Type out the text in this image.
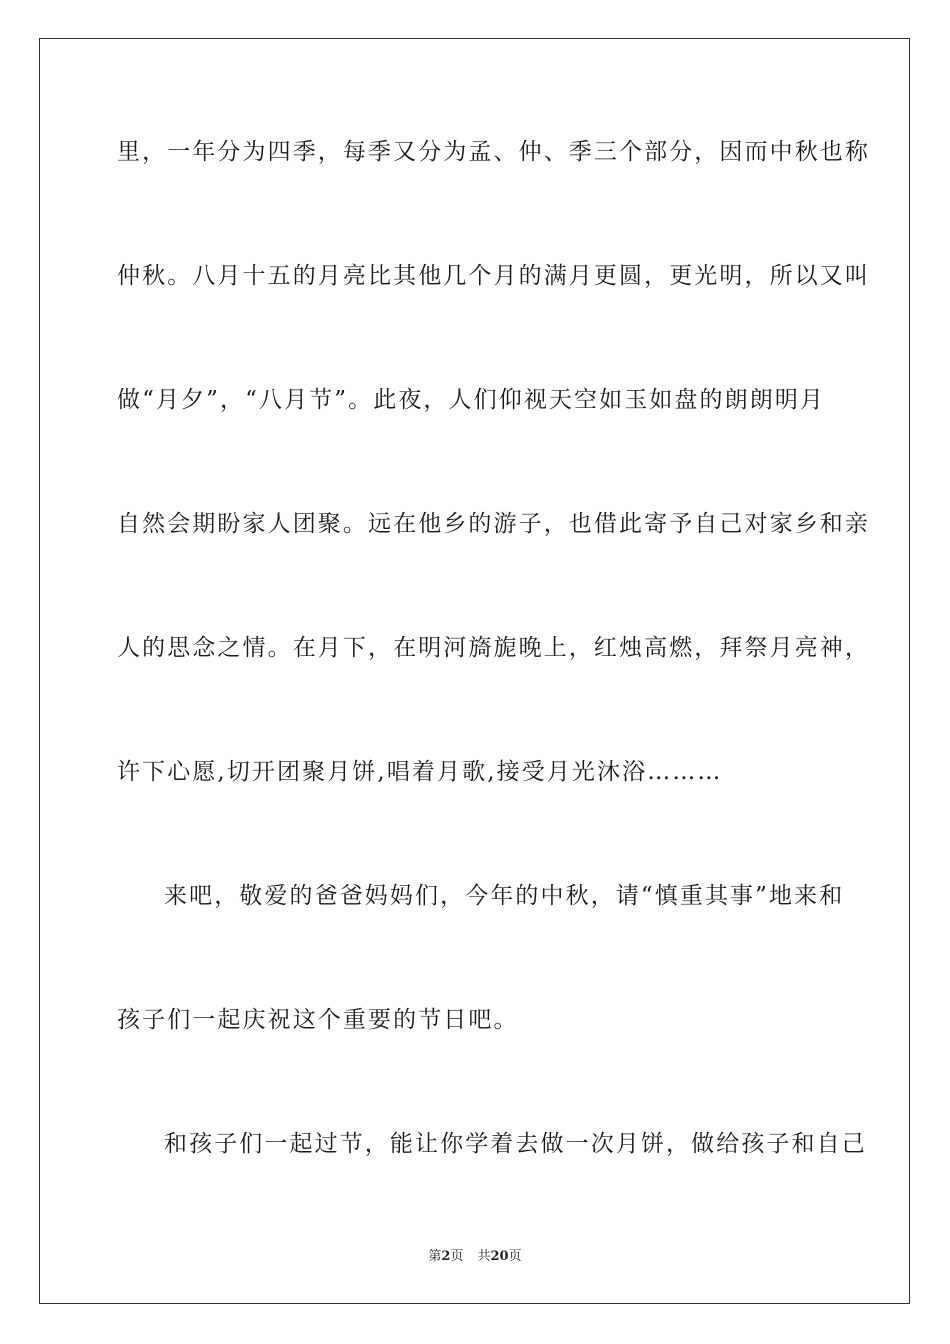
里，一年分为四季，每季又分为孟、仲、季三个部分，因而中秋也称
仲秋。八月十五的月亮比其他几个月的满月更圆，更光明，所以又叫
做“月夕”，“八月节”。此夜，人们仰视天空如玉如盘的朗朗明月
自然会期盼家人团聚。远在他乡的游子，也借此寄予自己对家乡和亲
人的思念之情。在月下，在明河旖旎晚上，红烛高燃，拜祭月亮神，
许下心愿,切开团聚月饼,唱着月歌,接受月光沐浴………
来吧，敬爱的爸爸妈妈们，今年的中秋，请“慎重其事”地来和
孩子们一起庆祝这个重要的节日吧。
和孩子们一起过节，能让你学着去做一次月饼，做给孩子和自己
第2页 共20页
